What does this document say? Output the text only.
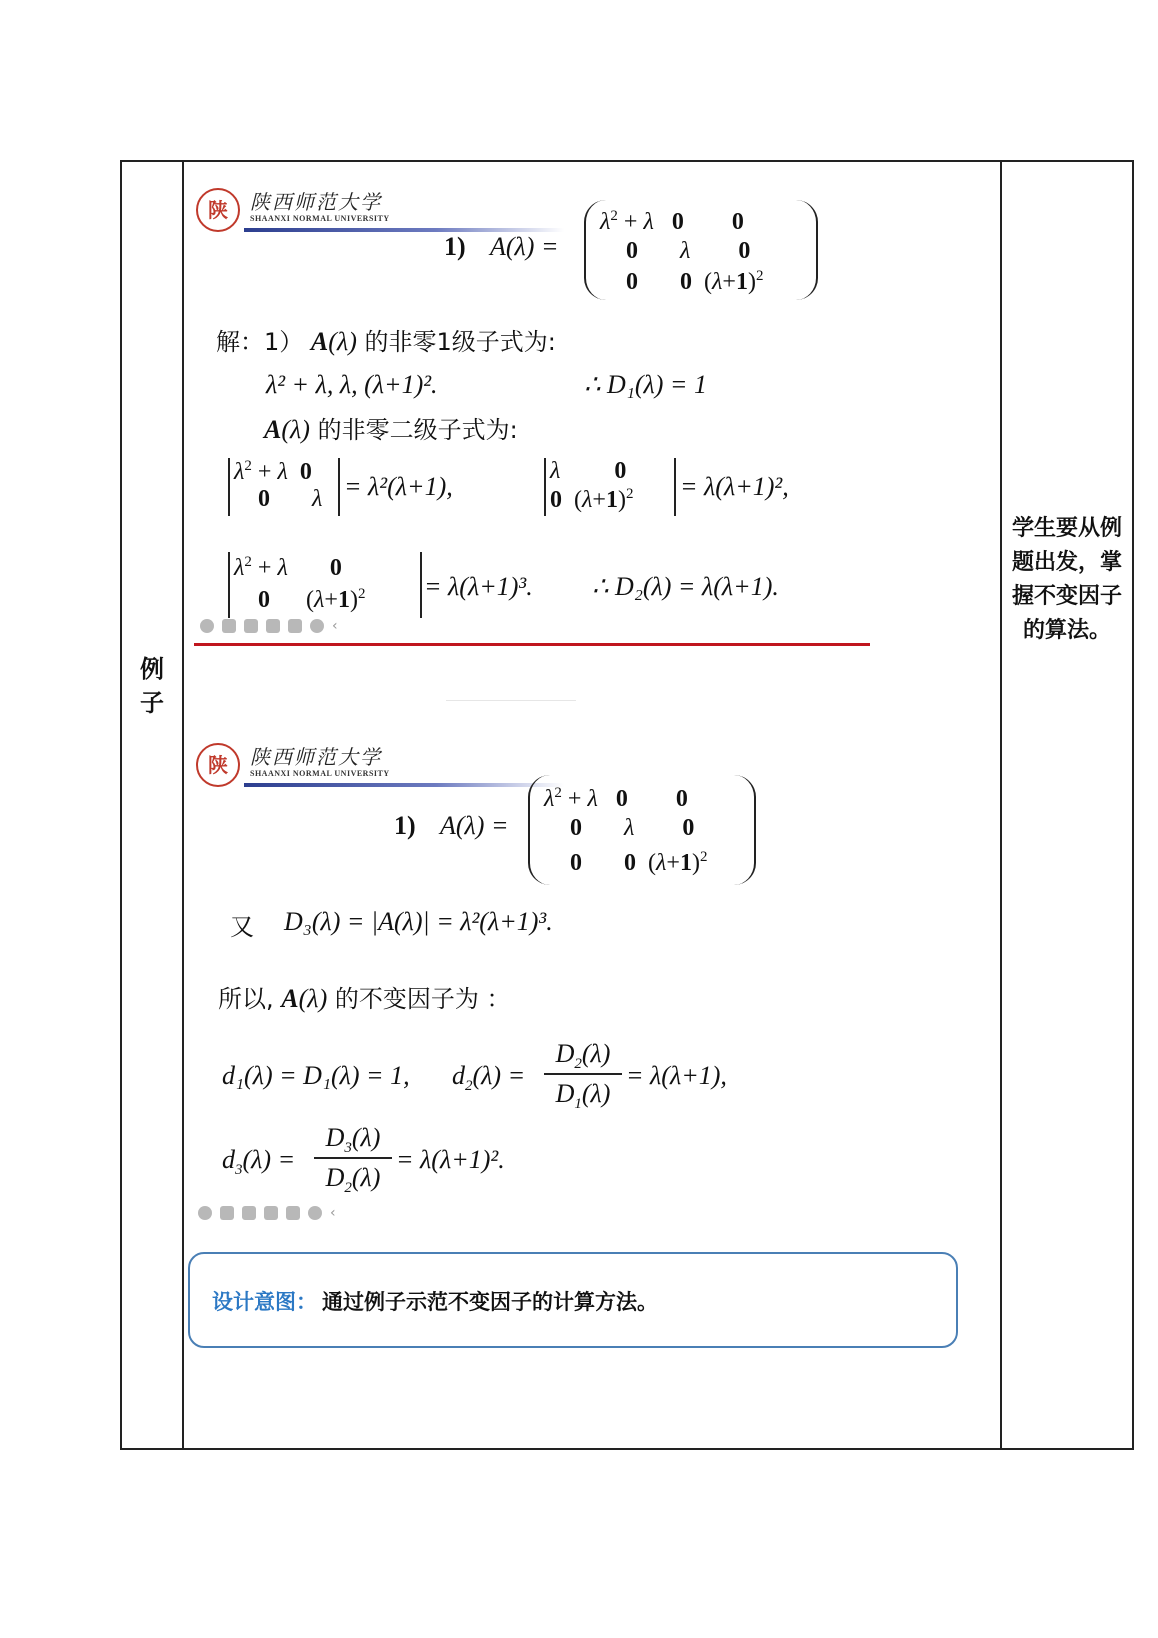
例
子
学生要从例题出发，掌握不变因子的算法。
陕	陕西师范大学
SHAANXI NORMAL UNIVERSITY
1) A(λ) =
$\lambda^2 + \lambda$ 0 0
0 λ 0
0 0  $(\lambda+1)^2$
解：1） A(λ) 的非零1级子式为:
λ² + λ, λ, (λ+1)².	∴ D₁(λ) = 1
A(λ) 的非零二级子式为:
$\lambda^2 + \lambda$ 0
0 λ = λ²(λ+1),
λ 0
0  $(\lambda+1)^2 = \lambda(\lambda+1)^2$,
$\lambda^2 + \lambda$ 0
0      $(\lambda+1)^2 = \lambda(\lambda+1)^3$. ∴ D₂(λ) = λ(λ+1).
‹
陕	陕西师范大学
SHAANXI NORMAL UNIVERSITY
1) A(λ) =
$\lambda^2 + \lambda$ 0 0
0 λ 0
0 0  $(\lambda+1)^2$
又 D₃(λ) = |A(λ)| = λ²(λ+1)³.
所以, A(λ) 的不变因子为 ：
d₁(λ) = D₁(λ) = 1, $d_2(\lambda)$ =
$D_2(\lambda)$
$D_1(\lambda)$
= λ(λ+1),
$d_3(\lambda)$ =
$D_3(\lambda)$
$D_2(\lambda)$
= λ(λ+1)².
‹
设计意图： 通过例子示范不变因子的计算方法。
